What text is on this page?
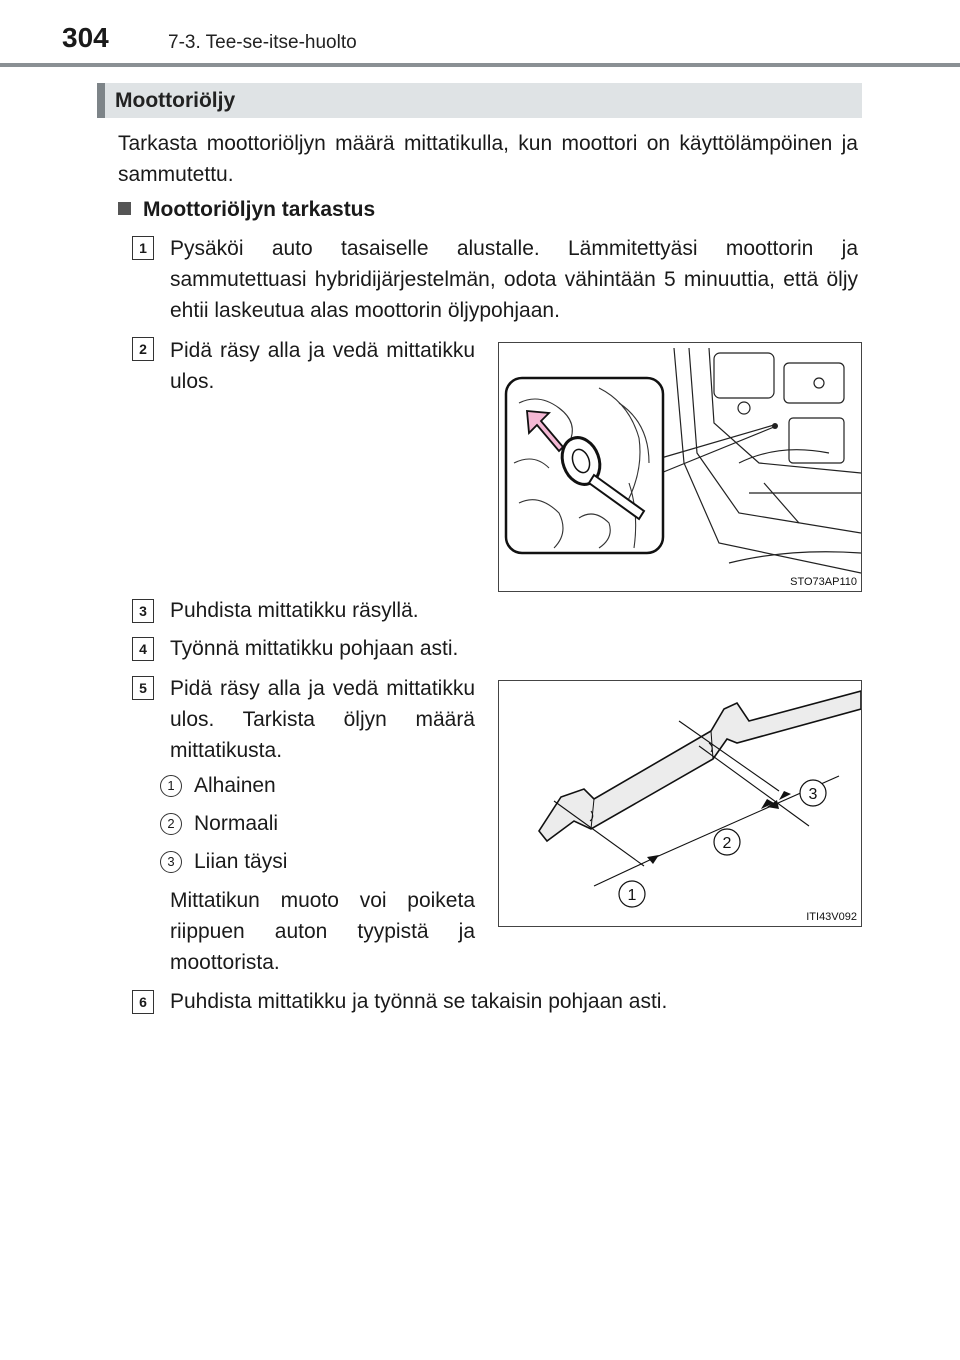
304	7-3. Tee-se-itse-huolto
Moottoriöljy
Tarkasta moottoriöljyn määrä mittatikulla, kun moottori on käyttölämpöinen ja sammutettu.
Moottoriöljyn tarkastus
1	Pysäköi auto tasaiselle alustalle. Lämmitettyäsi moottorin ja sammutettuasi hybridijärjestelmän, odota vähintään 5 minuuttia, että öljy ehtii laskeutua alas moottorin öljypohjaan.
2	Pidä räsy alla ja vedä mittatikku ulos.
STO73AP110
3	Puhdista mittatikku räsyllä.
4	Työnnä mittatikku pohjaan asti.
5	Pidä räsy alla ja vedä mittatikku ulos. Tarkista öljyn määrä mittatikusta.
1 Alhainen
2 Normaali
3 Liian täysi
Mittatikun muoto voi poiketa riippuen auton tyypistä ja moottorista.
1
2
3
ITI43V092
6	Puhdista mittatikku ja työnnä se takaisin pohjaan asti.
